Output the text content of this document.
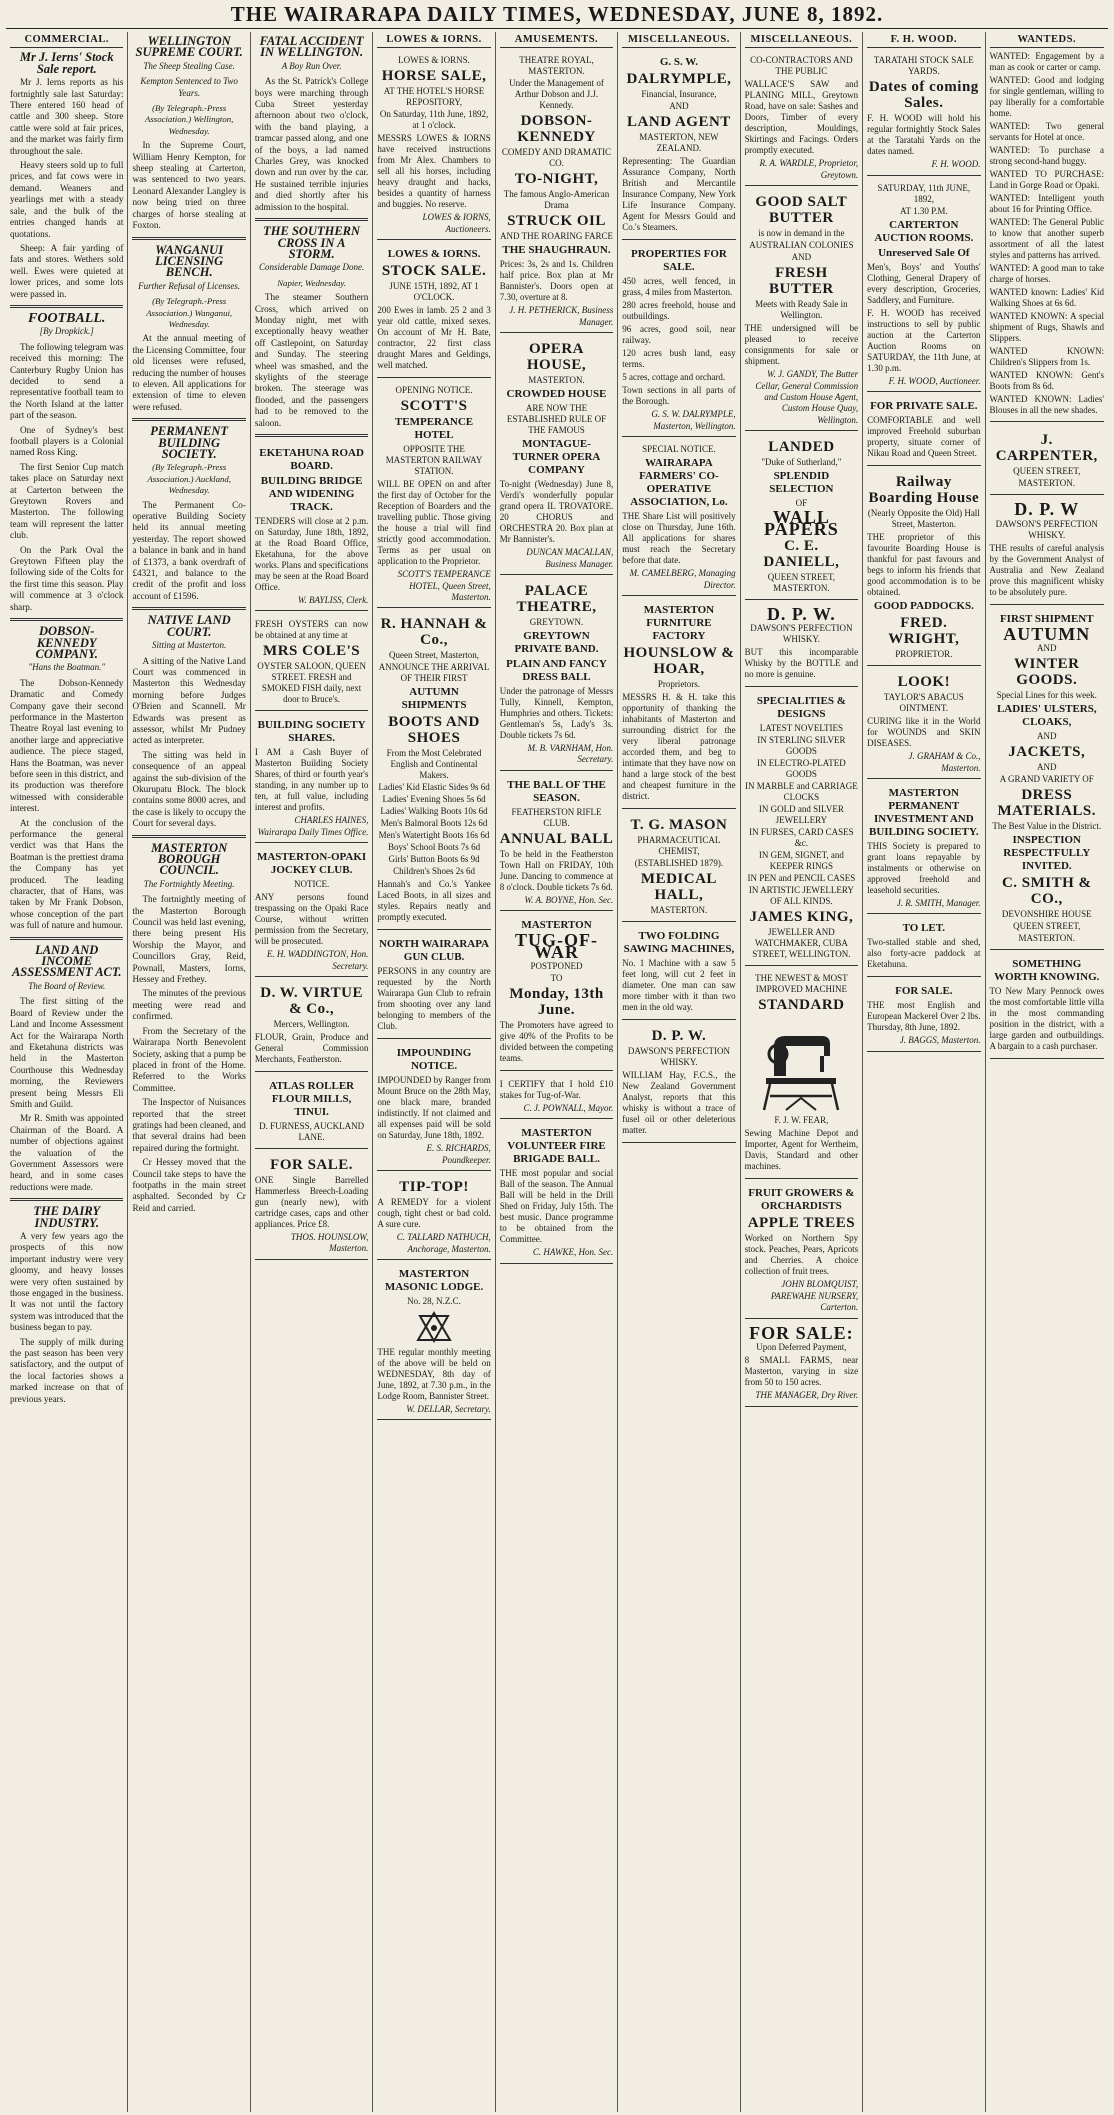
THE WAIRARAPA DAILY TIMES, WEDNESDAY, JUNE 8, 1892.
COMMERCIAL.
Mr J. Ierns' Stock Sale report.

Mr J. Ierns reports as his fortnightly sale last Saturday: There entered 160 head of cattle and 300 sheep. Store cattle were sold at fair prices, and the market was fairly firm throughout the sale.

Heavy steers sold up to full prices, and fat cows were in demand. Weaners and yearlings met with a steady sale, and the bulk of the entries changed hands at quotations.

Sheep: A fair yarding of fats and stores. Wethers sold well. Ewes were quieted at lower prices, and some lots were passed in.

FOOTBALL.
[By Dropkick.]

The following telegram was received this morning: The Canterbury Rugby Union has decided to send a representative football team to the North Island at the latter part of the season.

One of Sydney's best football players is a Colonial named Ross King.

The first Senior Cup match takes place on Saturday next at Carterton between the Greytown Rovers and Masterton. The following team will represent the latter club.

On the Park Oval the Greytown Fifteen play the following side of the Colts for the first time this season. Play will commence at 3 o'clock sharp.

DOBSON-KENNEDY COMPANY.
"Hans the Boatman."

The Dobson-Kennedy Dramatic and Comedy Company gave their second performance in the Masterton Theatre Royal last evening to another large and appreciative audience. The piece staged, Hans the Boatman, was never before seen in this district, and its production was therefore witnessed with considerable interest.

At the conclusion of the performance the general verdict was that Hans the Boatman is the prettiest drama the Company has yet produced. The leading character, that of Hans, was taken by Mr Frank Dobson, whose conception of the part was full of nature and humour.

LAND AND INCOME ASSESSMENT ACT.
The Board of Review.

The first sitting of the Board of Review under the Land and Income Assessment Act for the Wairarapa North and Eketahuna districts was held in the Masterton Courthouse this Wednesday morning, the Reviewers present being Messrs Eli Smith and Guild.

Mr R. Smith was appointed Chairman of the Board. A number of objections against the valuation of the Government Assessors were heard, and in some cases reductions were made.

THE DAIRY INDUSTRY.

A very few years ago the prospects of this now important industry were very gloomy, and heavy losses were very often sustained by those engaged in the business. It was not until the factory system was introduced that the business began to pay.

The supply of milk during the past season has been very satisfactory, and the output of the local factories shows a marked increase on that of previous years.

WELLINGTON SUPREME COURT.
The Sheep Stealing Case.
Kempton Sentenced to Two Years.
(By Telegraph.-Press Association.) Wellington, Wednesday.

In the Supreme Court, William Henry Kempton, for sheep stealing at Carterton, was sentenced to two years. Leonard Alexander Langley is now being tried on three charges of horse stealing at Foxton.

WANGANUI LICENSING BENCH.
Further Refusal of Licenses.
(By Telegraph.-Press Association.) Wanganui, Wednesday.

At the annual meeting of the Licensing Committee, four old licenses were refused, reducing the number of houses to eleven. All applications for extension of time to eleven were refused.

PERMANENT BUILDING SOCIETY.
(By Telegraph.-Press Association.) Auckland, Wednesday.

The Permanent Co-operative Building Society held its annual meeting yesterday. The report showed a balance in bank and in hand of £1373, a bank overdraft of £4321, and balance to the credit of the profit and loss account of £1596.

NATIVE LAND COURT.
Sitting at Masterton.

A sitting of the Native Land Court was commenced in Masterton this Wednesday morning before Judges O'Brien and Scannell. Mr Edwards was present as assessor, whilst Mr Pudney acted as interpreter.

The sitting was held in consequence of an appeal against the sub-division of the Okurupatu Block. The block contains some 8000 acres, and the case is likely to occupy the Court for several days.

MASTERTON BOROUGH COUNCIL.
The Fortnightly Meeting.

The fortnightly meeting of the Masterton Borough Council was held last evening, there being present His Worship the Mayor, and Councillors Gray, Reid, Pownall, Masters, Iorns, Hessey and Frethey.

The minutes of the previous meeting were read and confirmed.

From the Secretary of the Wairarapa North Benevolent Society, asking that a pump be placed in front of the Home. Referred to the Works Committee.

The Inspector of Nuisances reported that the street gratings had been cleaned, and that several drains had been repaired during the fortnight.

Cr Hessey moved that the Council take steps to have the footpaths in the main street asphalted. Seconded by Cr Reid and carried.

FATAL ACCIDENT IN WELLINGTON.
A Boy Run Over.

As the St. Patrick's College boys were marching through Cuba Street yesterday afternoon about two o'clock, with the band playing, a tramcar passed along, and one of the boys, a lad named Charles Grey, was knocked down and run over by the car. He sustained terrible injuries and died shortly after his admission to the hospital.

THE SOUTHERN CROSS IN A STORM.
Considerable Damage Done.
Napier, Wednesday.

The steamer Southern Cross, which arrived on Monday night, met with exceptionally heavy weather off Castlepoint, on Saturday and Sunday. The steering wheel was smashed, and the skylights of the steerage broken. The steerage was flooded, and the passengers had to be removed to the saloon.

EKETAHUNA ROAD BOARD.
BUILDING BRIDGE AND WIDENING TRACK.
TENDERS will close at 2 p.m. on Saturday, June 18th, 1892, at the Road Board Office, Eketahuna, for the above works. Plans and specifications may be seen at the Road Board Office.
W. BAYLISS, Clerk.
FRESH OYSTERS can now be obtained at any time at
MRS COLE'S
OYSTER SALOON, QUEEN STREET. FRESH and SMOKED FISH daily, next door to Bruce's.
BUILDING SOCIETY SHARES.
I AM a Cash Buyer of Masterton Building Society Shares, of third or fourth year's standing, in any number up to ten, at full value, including interest and profits.
CHARLES HAINES, Wairarapa Daily Times Office.
MASTERTON-OPAKI JOCKEY CLUB.
NOTICE.
ANY persons found trespassing on the Opaki Race Course, without written permission from the Secretary, will be prosecuted.
E. H. WADDINGTON, Hon. Secretary.
D. W. VIRTUE & Co.,
Mercers, Wellington.
FLOUR, Grain, Produce and General Commission Merchants, Featherston.
ATLAS ROLLER FLOUR MILLS, TINUI.
D. FURNESS, AUCKLAND LANE.
FOR SALE.
ONE Single Barrelled Hammerless Breech-Loading gun (nearly new), with cartridge cases, caps and other appliances. Price £8.
THOS. HOUNSLOW, Masterton.
LOWES & IORNS.
LOWES & IORNS.
HORSE SALE,
AT THE HOTEL'S HORSE REPOSITORY,
On Saturday, 11th June, 1892, at 1 o'clock.
MESSRS LOWES & IORNS have received instructions from Mr Alex. Chambers to sell all his horses, including heavy draught and hacks, besides a quantity of harness and buggies. No reserve.
LOWES & IORNS, Auctioneers.
LOWES & IORNS.
STOCK SALE.
JUNE 15TH, 1892, AT 1 O'CLOCK.
200 Ewes in lamb. 25 2 and 3 year old cattle, mixed sexes. On account of Mr H. Bate, contractor, 22 first class draught Mares and Geldings, well matched.
OPENING NOTICE.
SCOTT'S
TEMPERANCE HOTEL
OPPOSITE THE MASTERTON RAILWAY STATION.
WILL BE OPEN on and after the first day of October for the Reception of Boarders and the travelling public. Those giving the house a trial will find strictly good accommodation. Terms as per usual on application to the Proprietor.
SCOTT'S TEMPERANCE HOTEL, Queen Street, Masterton.
R. HANNAH & Co.,
Queen Street, Masterton,
ANNOUNCE THE ARRIVAL OF THEIR FIRST
AUTUMN SHIPMENTS
BOOTS AND SHOES
From the Most Celebrated English and Continental Makers.
Ladies' Kid Elastic Sides 9s 6d
Ladies' Evening Shoes 5s 6d
Ladies' Walking Boots 10s 6d
Men's Balmoral Boots 12s 6d
Men's Watertight Boots 16s 6d
Boys' School Boots 7s 6d
Girls' Button Boots 6s 9d
Children's Shoes 2s 6d
Hannah's and Co.'s Yankee Laced Boots, in all sizes and styles. Repairs neatly and promptly executed.
NORTH WAIRARAPA GUN CLUB.
PERSONS in any country are requested by the North Wairarapa Gun Club to refrain from shooting over any land belonging to members of the Club.
IMPOUNDING NOTICE.
IMPOUNDED by Ranger from Mount Bruce on the 28th May, one black mare, branded indistinctly. If not claimed and all expenses paid will be sold on Saturday, June 18th, 1892.
E. S. RICHARDS, Poundkeeper.
TIP-TOP!
A REMEDY for a violent cough, tight chest or bad cold. A sure cure.
C. TALLARD NATHUCH, Anchorage, Masterton.
MASTERTON MASONIC LODGE.
No. 28, N.Z.C.
THE regular monthly meeting of the above will be held on WEDNESDAY, 8th day of June, 1892, at 7.30 p.m., in the Lodge Room, Bannister Street.
W. DELLAR, Secretary.
AMUSEMENTS.
THEATRE ROYAL, MASTERTON.
Under the Management of Arthur Dobson and J.J. Kennedy.
DOBSON-KENNEDY
COMEDY AND DRAMATIC CO.
TO-NIGHT,
The famous Anglo-American Drama
STRUCK OIL
AND THE ROARING FARCE
THE SHAUGHRAUN.
Prices: 3s, 2s and 1s. Children half price. Box plan at Mr Bannister's. Doors open at 7.30, overture at 8.
J. H. PETHERICK, Business Manager.
OPERA HOUSE,
MASTERTON.
CROWDED HOUSE
ARE NOW THE ESTABLISHED RULE OF THE FAMOUS
MONTAGUE-TURNER OPERA COMPANY
To-night (Wednesday) June 8, Verdi's wonderfully popular grand opera IL TROVATORE. 20 CHORUS and ORCHESTRA 20. Box plan at Mr Bannister's.
DUNCAN MACALLAN, Business Manager.
PALACE THEATRE,
GREYTOWN.
GREYTOWN PRIVATE BAND.
PLAIN AND FANCY DRESS BALL
Under the patronage of Messrs Tully, Kinnell, Kempton, Humphries and others. Tickets: Gentleman's 5s, Lady's 3s. Double tickets 7s 6d.
M. B. VARNHAM, Hon. Secretary.
THE BALL OF THE SEASON.
FEATHERSTON RIFLE CLUB.
ANNUAL BALL
To be held in the Featherston Town Hall on FRIDAY, 10th June. Dancing to commence at 8 o'clock. Double tickets 7s 6d.
W. A. BOYNE, Hon. Sec.
MASTERTON
TUG-OF-WAR
POSTPONED
TO
Monday, 13th June.
The Promoters have agreed to give 40% of the Profits to be divided between the competing teams.
I CERTIFY that I hold £10 stakes for Tug-of-War.
C. J. POWNALL, Mayor.
MASTERTON VOLUNTEER FIRE BRIGADE BALL.
THE most popular and social Ball of the season. The Annual Ball will be held in the Drill Shed on Friday, July 15th. The best music. Dance programme to be obtained from the Committee.
C. HAWKE, Hon. Sec.
MISCELLANEOUS.
G. S. W.
DALRYMPLE,
Financial, Insurance,
AND
LAND AGENT
MASTERTON, NEW ZEALAND.
Representing: The Guardian Assurance Company, North British and Mercantile Insurance Company, New York Life Insurance Company. Agent for Messrs Gould and Co.'s Steamers.
PROPERTIES FOR SALE.
450 acres, well fenced, in grass, 4 miles from Masterton.
280 acres freehold, house and outbuildings.
96 acres, good soil, near railway.
120 acres bush land, easy terms.
5 acres, cottage and orchard.
Town sections in all parts of the Borough.
G. S. W. DALRYMPLE, Masterton, Wellington.
SPECIAL NOTICE.
WAIRARAPA FARMERS' CO-OPERATIVE ASSOCIATION, Lo.
THE Share List will positively close on Thursday, June 16th. All applications for shares must reach the Secretary before that date.
M. CAMELBERG, Managing Director.
MASTERTON FURNITURE FACTORY
HOUNSLOW & HOAR,
Proprietors.
MESSRS H. & H. take this opportunity of thanking the inhabitants of Masterton and surrounding district for the very liberal patronage accorded them, and beg to intimate that they have now on hand a large stock of the best and cheapest furniture in the district.
T. G. MASON
PHARMACEUTICAL CHEMIST,
(ESTABLISHED 1879).
MEDICAL HALL,
MASTERTON.
TWO FOLDING SAWING MACHINES,
No. 1 Machine with a saw 5 feet long, will cut 2 feet in diameter. One man can saw more timber with it than two men in the old way.
D. P. W.
DAWSON'S PERFECTION WHISKY.
WILLIAM Hay, F.C.S., the New Zealand Government Analyst, reports that this whisky is without a trace of fusel oil or other deleterious matter.
MISCELLANEOUS.
CO-CONTRACTORS AND THE PUBLIC
WALLACE'S SAW and PLANING MILL, Greytown Road, have on sale: Sashes and Doors, Timber of every description, Mouldings, Skirtings and Facings. Orders promptly executed.
R. A. WARDLE, Proprietor, Greytown.
GOOD SALT BUTTER
is now in demand in the
AUSTRALIAN COLONIES
AND
FRESH BUTTER
Meets with Ready Sale in Wellington.
THE undersigned will be pleased to receive consignments for sale or shipment.
W. J. GANDY, The Butter Cellar, General Commission and Custom House Agent, Custom House Quay, Wellington.
LANDED
"Duke of Sutherland,"
SPLENDID SELECTION
OF
WALL PAPERS
C. E. DANIELL,
QUEEN STREET, MASTERTON.
D. P. W.
DAWSON'S PERFECTION WHISKY.
BUT this incomparable Whisky by the BOTTLE and no more is genuine.
SPECIALITIES & DESIGNS
LATEST NOVELTIES
IN STERLING SILVER GOODS
IN ELECTRO-PLATED GOODS
IN MARBLE and CARRIAGE CLOCKS
IN GOLD and SILVER JEWELLERY
IN FURSES, CARD CASES &c.
IN GEM, SIGNET, and KEEPER RINGS
IN PEN and PENCIL CASES
IN ARTISTIC JEWELLERY OF ALL KINDS.
JAMES KING,
JEWELLER AND WATCHMAKER, CUBA STREET, WELLINGTON.
THE NEWEST & MOST IMPROVED MACHINE
STANDARD
F. J. W. FEAR,
Sewing Machine Depot and Importer, Agent for Wertheim, Davis, Standard and other machines.
FRUIT GROWERS & ORCHARDISTS
APPLE TREES
Worked on Northern Spy stock. Peaches, Pears, Apricots and Cherries. A choice collection of fruit trees.
JOHN BLOMQUIST, PAREWAHE NURSERY, Carterton.
FOR SALE:
Upon Deferred Payment,
8 SMALL FARMS, near Masterton, varying in size from 50 to 150 acres.
THE MANAGER, Dry River.
F. H. WOOD.
TARATAHI STOCK SALE YARDS.
Dates of coming Sales.
F. H. WOOD will hold his regular fortnightly Stock Sales at the Taratahi Yards on the dates named.
F. H. WOOD.
SATURDAY, 11th JUNE, 1892,
AT 1.30 P.M.
CARTERTON AUCTION ROOMS.
Unreserved Sale Of
Men's, Boys' and Youths' Clothing, General Drapery of every description, Groceries, Saddlery, and Furniture.
F. H. WOOD has received instructions to sell by public auction at the Carterton Auction Rooms on SATURDAY, the 11th June, at 1.30 p.m.
F. H. WOOD, Auctioneer.
FOR PRIVATE SALE.
COMFORTABLE and well improved Freehold suburban property, situate corner of Nikau Road and Queen Street.
Railway Boarding House
(Nearly Opposite the Old) Hall Street, Masterton.
THE proprietor of this favourite Boarding House is thankful for past favours and begs to inform his friends that good accommodation is to be obtained.
GOOD PADDOCKS.
FRED. WRIGHT,
PROPRIETOR.
LOOK!
TAYLOR'S ABACUS OINTMENT.
CURING like it in the World for WOUNDS and SKIN DISEASES.
J. GRAHAM & Co., Masterton.
MASTERTON PERMANENT INVESTMENT AND BUILDING SOCIETY.
THIS Society is prepared to grant loans repayable by instalments or otherwise on approved freehold and leasehold securities.
J. R. SMITH, Manager.
TO LET.
Two-stalled stable and shed, also forty-acre paddock at Eketahuna.
FOR SALE.
THE most English and European Mackerel Over 2 lbs. Thursday, 8th June, 1892.
J. BAGGS, Masterton.
WANTEDS.
WANTED: Engagement by a man as cook or carter or camp.
WANTED: Good and lodging for single gentleman, willing to pay liberally for a comfortable home.
WANTED: Two general servants for Hotel at once.
WANTED: To purchase a strong second-hand buggy.
WANTED TO PURCHASE: Land in Gorge Road or Opaki.
WANTED: Intelligent youth about 16 for Printing Office.
WANTED: The General Public to know that another superb assortment of all the latest styles and patterns has arrived.
WANTED: A good man to take charge of horses.
WANTED known: Ladies' Kid Walking Shoes at 6s 6d.
WANTED KNOWN: A special shipment of Rugs, Shawls and Slippers.
WANTED KNOWN: Children's Slippers from 1s.
WANTED KNOWN: Gent's Boots from 8s 6d.
WANTED KNOWN: Ladies' Blouses in all the new shades.
J. CARPENTER,
QUEEN STREET,
MASTERTON.
D. P. W
DAWSON'S PERFECTION WHISKY.
THE results of careful analysis by the Government Analyst of Australia and New Zealand prove this magnificent whisky to be absolutely pure.
FIRST SHIPMENT
AUTUMN
AND
WINTER GOODS.
Special Lines for this week.
LADIES' ULSTERS, CLOAKS,
AND
JACKETS,
AND
A GRAND VARIETY OF
DRESS MATERIALS.
The Best Value in the District.
INSPECTION RESPECTFULLY INVITED.
C. SMITH & CO.,
DEVONSHIRE HOUSE
QUEEN STREET,
MASTERTON.
SOMETHING WORTH KNOWING.
TO New Mary Pennock owes the most comfortable little villa in the most commanding position in the district, with a large garden and outbuildings. A bargain to a cash purchaser.
